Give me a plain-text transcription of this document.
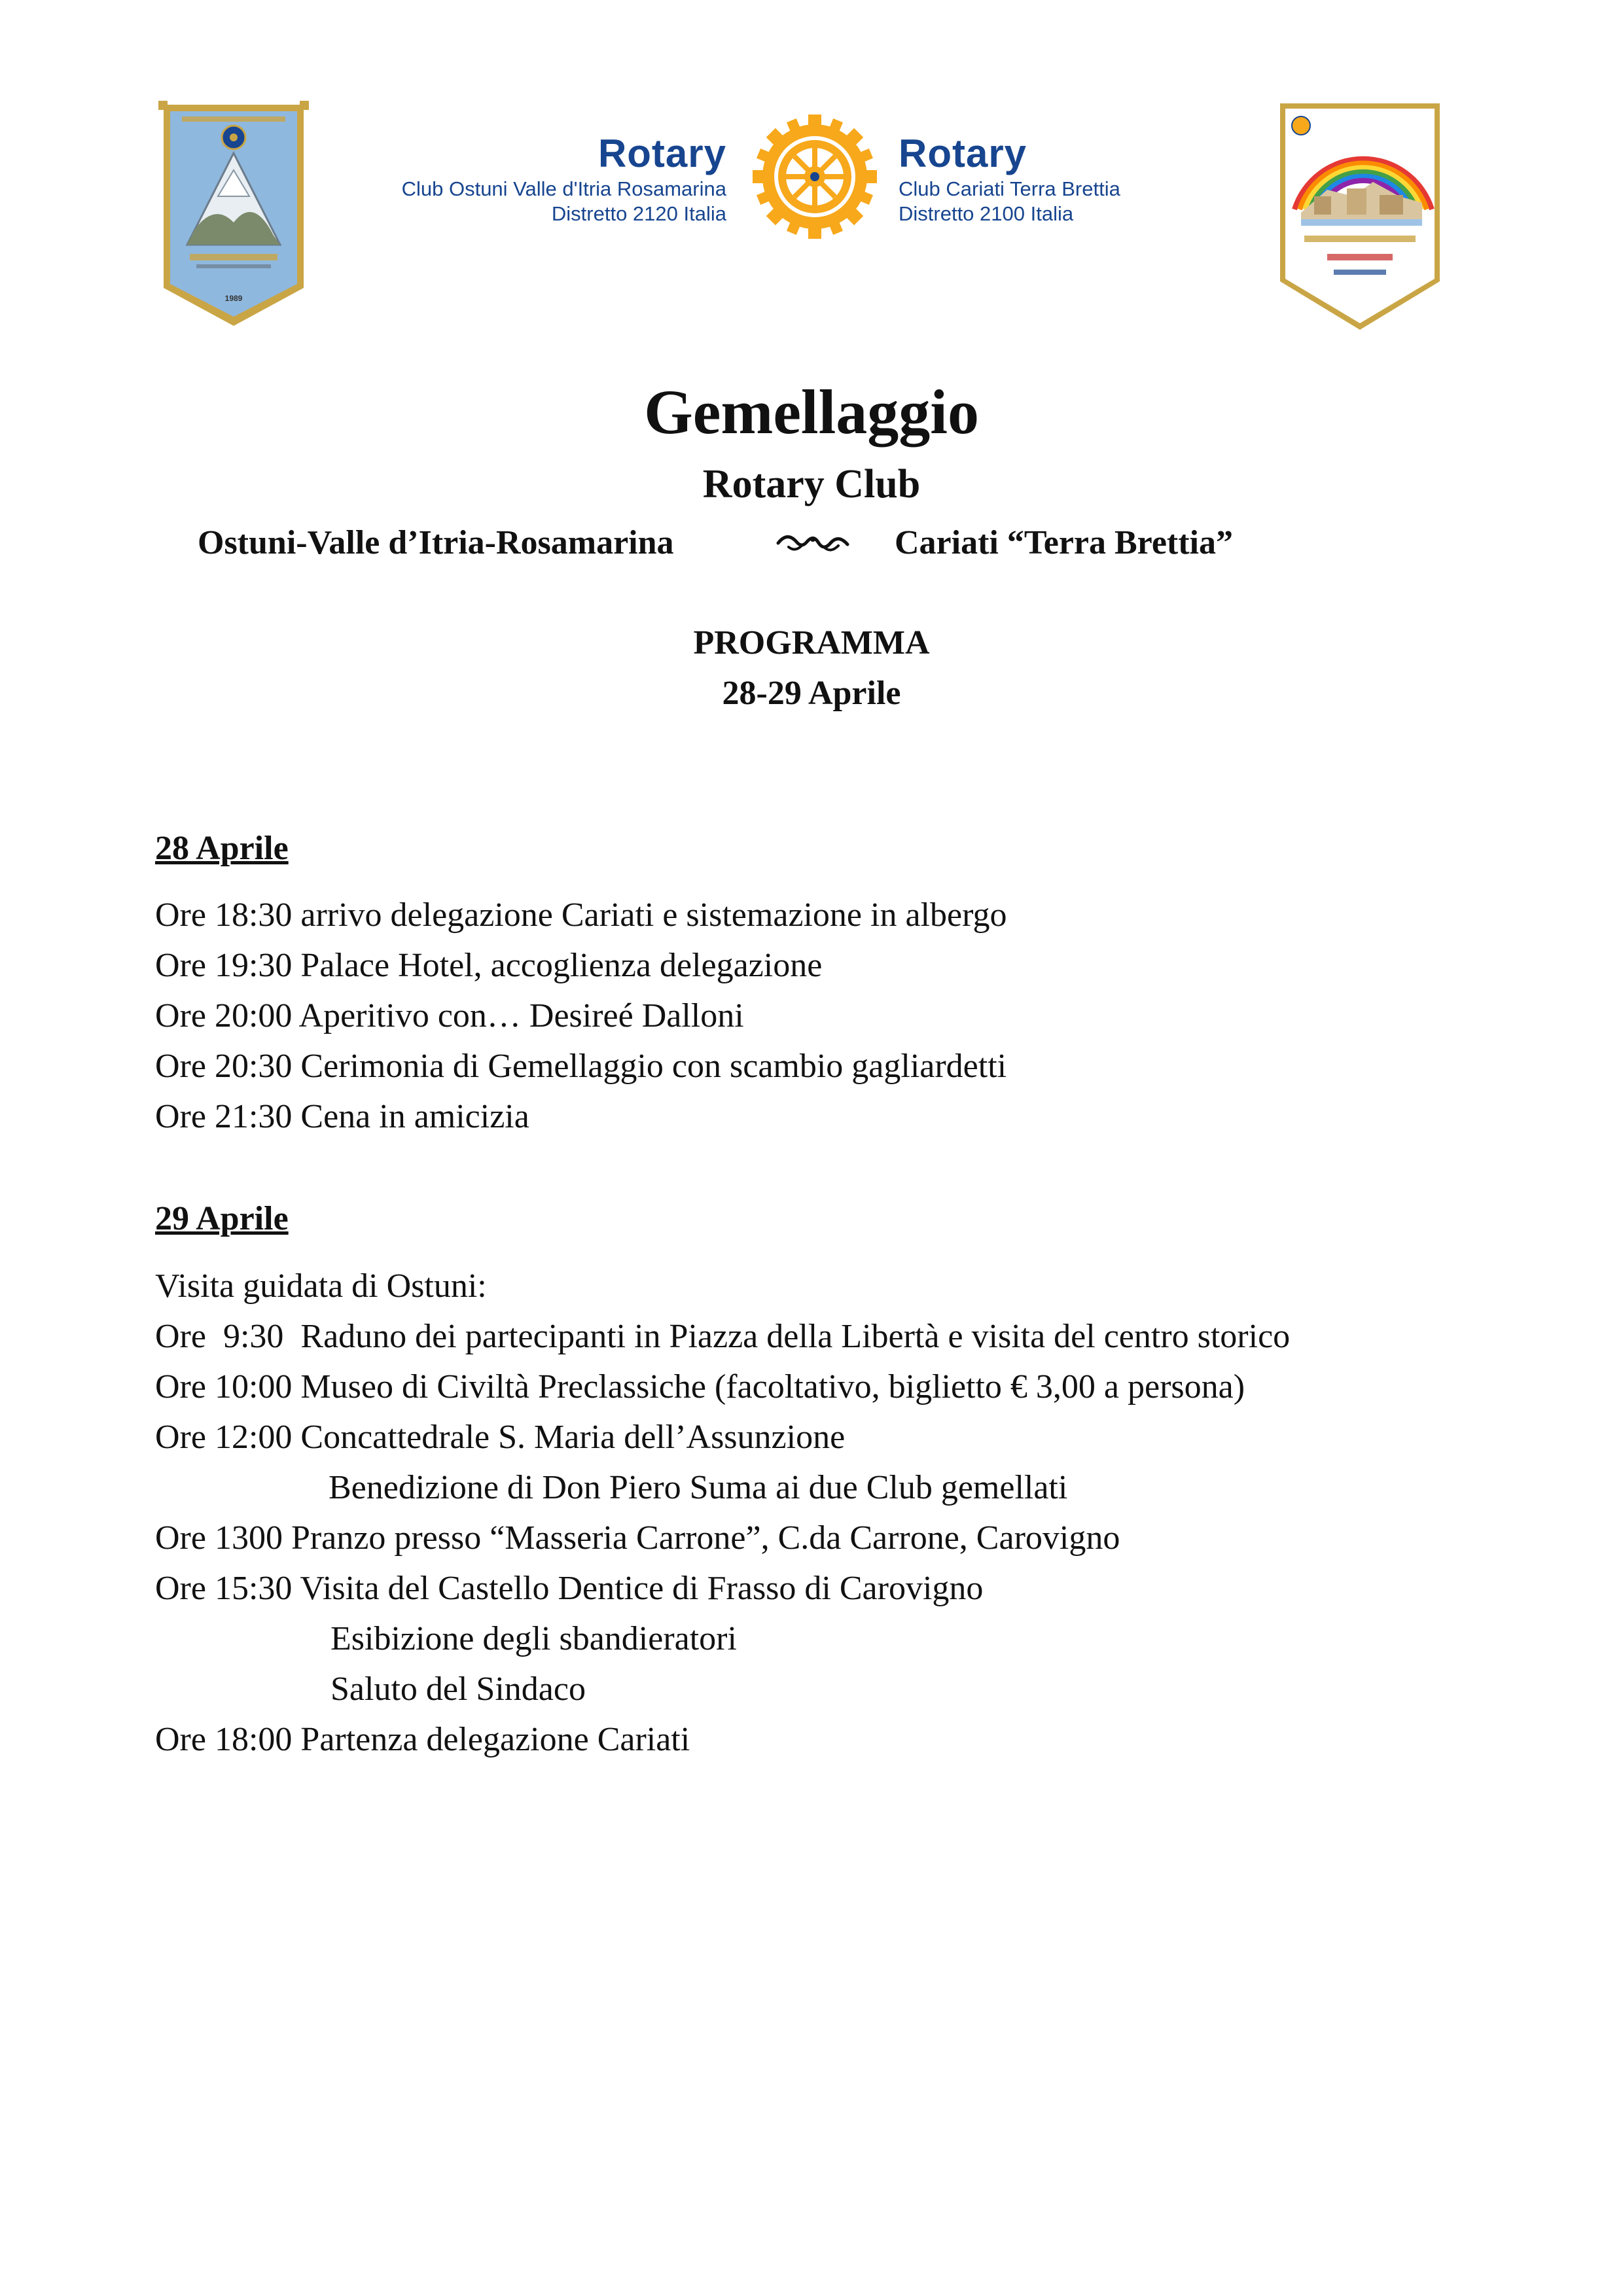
1989
Rotary
Club Ostuni Valle d'Itria Rosamarina
Distretto 2120 Italia
Rotary
Club Cariati Terra Brettia
Distretto 2100 Italia
Gemellaggio
Rotary Club
Ostuni-Valle d’Itria-Rosamarina	Cariati “Terra Brettia”
PROGRAMMA
28-29 Aprile
28 Aprile
Ore 18:30 arrivo delegazione Cariati e sistemazione in albergo
Ore 19:30 Palace Hotel, accoglienza delegazione
Ore 20:00 Aperitivo con… Desireé Dalloni
Ore 20:30 Cerimonia di Gemellaggio con scambio gagliardetti
Ore 21:30 Cena in amicizia
29 Aprile
Visita guidata di Ostuni:
Ore  9:30  Raduno dei partecipanti in Piazza della Libertà e visita del centro storico
Ore 10:00 Museo di Civiltà Preclassiche (facoltativo, biglietto € 3,00 a persona)
Ore 12:00 Concattedrale S. Maria dell’Assunzione
Benedizione di Don Piero Suma ai due Club gemellati
Ore 1300 Pranzo presso “Masseria Carrone”, C.da Carrone, Carovigno
Ore 15:30 Visita del Castello Dentice di Frasso di Carovigno
Esibizione degli sbandieratori
Saluto del Sindaco
Ore 18:00 Partenza delegazione Cariati
